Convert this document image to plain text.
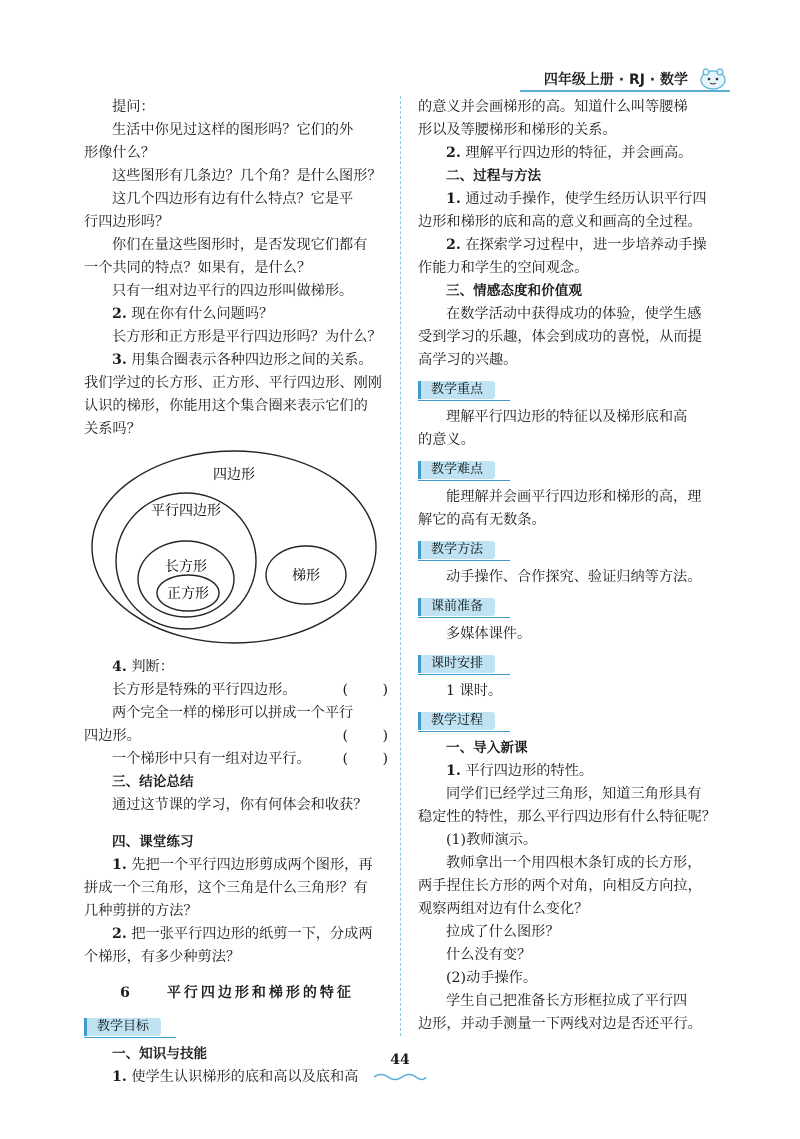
四年级上册 · RJ · 数学
提问：
生活中你见过这样的图形吗？它们的外
形像什么？
这些图形有几条边？几个角？是什么图形？
这几个四边形有边有什么特点？它是平
行四边形吗？
你们在量这些图形时，是否发现它们都有
一个共同的特点？如果有，是什么？
只有一组对边平行的四边形叫做梯形。
2. 现在你有什么问题吗？
长方形和正方形是平行四边形吗？为什么？
3. 用集合圈表示各种四边形之间的关系。
我们学过的长方形、正方形、平行四边形、刚刚
认识的梯形，你能用这个集合圈来表示它们的
关系吗？
四边形
平行四边形
长方形
正方形
梯形
4. 判断：
长方形是特殊的平行四边形。	(　　)
两个完全一样的梯形可以拼成一个平行
四边形。	(　　)
一个梯形中只有一组对边平行。 (　　)
三、结论总结
通过这节课的学习，你有何体会和收获？
四、课堂练习
1. 先把一个平行四边形剪成两个图形，再
拼成一个三角形，这个三角是什么三角形？有
几种剪拼的方法？
2. 把一张平行四边形的纸剪一下，分成两
个梯形，有多少种剪法？
6　　 平行四边形和梯形的特征
教学目标
一、知识与技能
1. 使学生认识梯形的底和高以及底和高
的意义并会画梯形的高。知道什么叫等腰梯
形以及等腰梯形和梯形的关系。
2. 理解平行四边形的特征，并会画高。
二、过程与方法
1. 通过动手操作，使学生经历认识平行四
边形和梯形的底和高的意义和画高的全过程。
2. 在探索学习过程中，进一步培养动手操
作能力和学生的空间观念。
三、情感态度和价值观
在数学活动中获得成功的体验，使学生感
受到学习的乐趣，体会到成功的喜悦，从而提
高学习的兴趣。
教学重点
理解平行四边形的特征以及梯形底和高
的意义。
教学难点
能理解并会画平行四边形和梯形的高，理
解它的高有无数条。
教学方法
动手操作、合作探究、验证归纳等方法。
课前准备
多媒体课件。
课时安排
1 课时。
教学过程
一、导入新课
1. 平行四边形的特性。
同学们已经学过三角形，知道三角形具有
稳定性的特性，那么平行四边形有什么特征呢？
(1)教师演示。
教师拿出一个用四根木条钉成的长方形，
两手捏住长方形的两个对角，向相反方向拉，
观察两组对边有什么变化？
拉成了什么图形？
什么没有变？
(2)动手操作。
学生自己把准备长方形框拉成了平行四
边形，并动手测量一下两线对边是否还平行。
44
